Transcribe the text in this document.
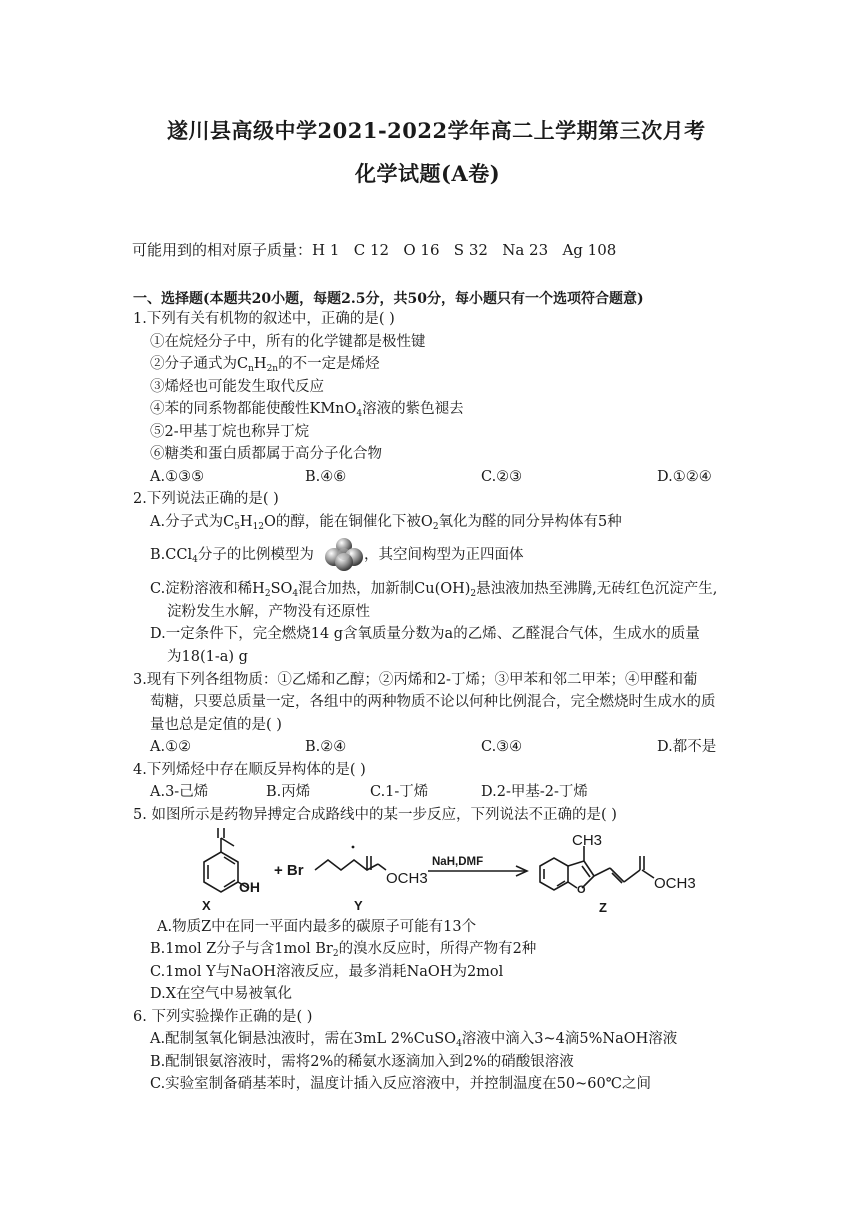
遂川县高级中学2021-2022学年高二上学期第三次月考
化学试题(A卷)
可能用到的相对原子质量：H 1   C 12   O 16   S 32   Na 23   Ag 108
一、选择题(本题共20小题，每题2.5分，共50分，每小题只有一个选项符合题意)
1.下列有关有机物的叙述中，正确的是( )
①在烷烃分子中，所有的化学键都是极性键
②分子通式为$C_nH_{2n}$的不一定是烯烃
③烯烃也可能发生取代反应
④苯的同系物都能使酸性KMnO$_4$溶液的紫色褪去
⑤2-甲基丁烷也称异丁烷
⑥糖类和蛋白质都属于高分子化合物
A.①③⑤	B.④⑥	C.②③	D.①②④
2.下列说法正确的是( )
A.分子式为$C_5H_{12}O$的醇，能在铜催化下被$O_2$氧化为醛的同分异构体有5种
B.CCl$_4$分子的比例模型为	，其空间构型为正四面体
C.淀粉溶液和稀$H_2SO_4$混合加热，加新制$Cu(OH)_2$悬浊液加热至沸腾,无砖红色沉淀产生,
淀粉发生水解，产物没有还原性
D.一定条件下，完全燃烧14 g含氧质量分数为a的乙烯、乙醛混合气体，生成水的质量
为18(1-a) g
3.现有下列各组物质：①乙烯和乙醇；②丙烯和2-丁烯；③甲苯和邻二甲苯；④甲醛和葡
萄糖，只要总质量一定，各组中的两种物质不论以何种比例混合，完全燃烧时生成水的质
量也总是定值的是( )
A.①②	B.②④	C.③④	D.都不是
4.下列烯烃中存在顺反异构体的是( )
A.3-己烯	B.丙烯	C.1-丁烯	D.2-甲基-2-丁烯
5. 如图所示是药物异搏定合成路线中的某一步反应，下列说法不正确的是( )
OH
+ Br	OCH3
NaH,DMF
CH3
O	OCH3
X	Y	Z
A.物质Z中在同一平面内最多的碳原子可能有13个
B.1mol Z分子与含1mol $Br_2$的溴水反应时，所得产物有2种
C.1mol Y与NaOH溶液反应，最多消耗NaOH为2mol
D.X在空气中易被氧化
6. 下列实验操作正确的是( )
A.配制氢氧化铜悬浊液时，需在3mL 2%CuSO$_4$溶液中滴入3~4滴5%NaOH溶液
B.配制银氨溶液时，需将2%的稀氨水逐滴加入到2%的硝酸银溶液
C.实验室制备硝基苯时，温度计插入反应溶液中，并控制温度在50~60℃之间
